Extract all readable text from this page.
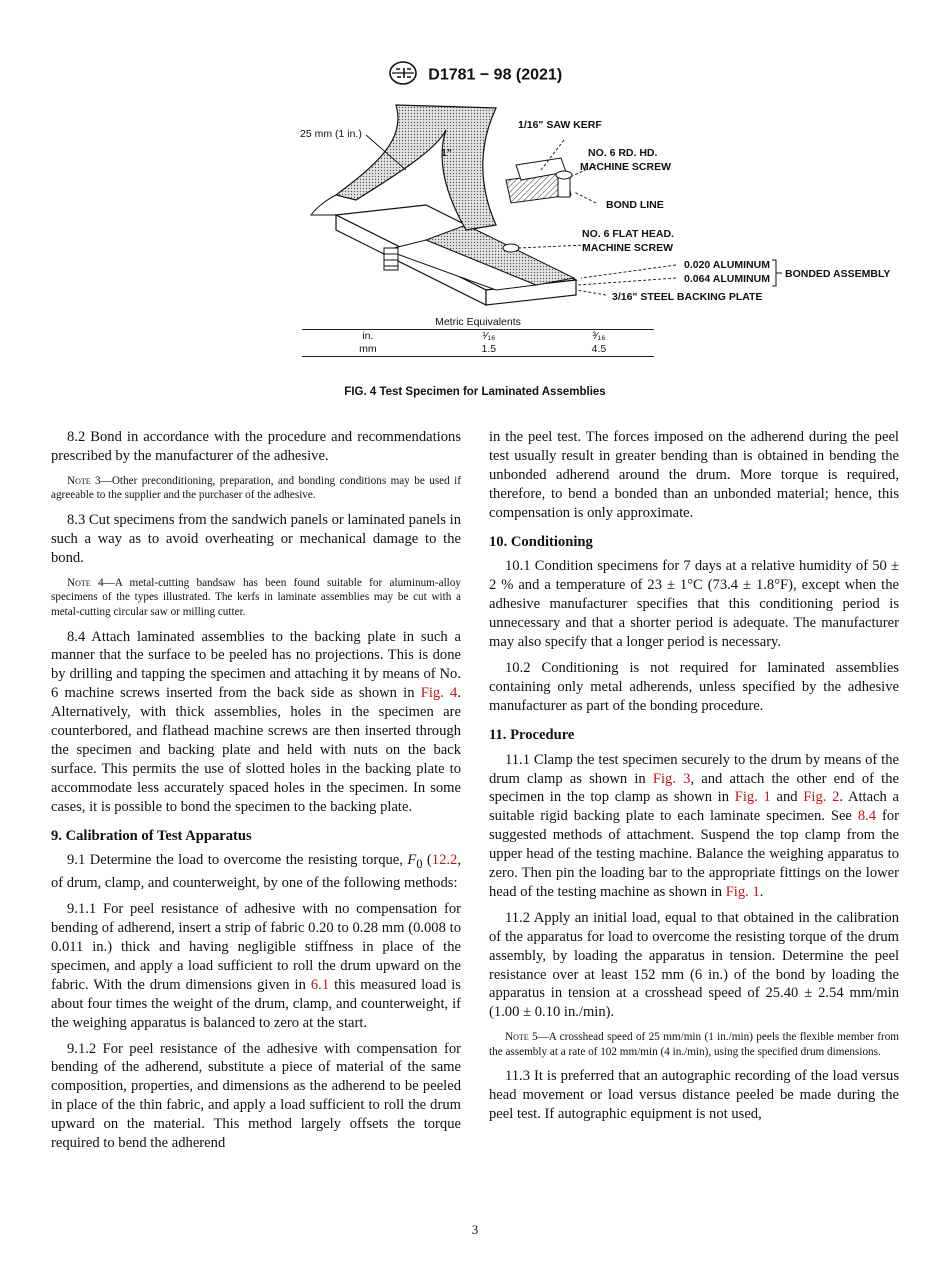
D1781 − 98 (2021)
25 mm (1 in.)
1"
1/16" SAW KERF
NO. 6 RD. HD.
MACHINE SCREW
BOND LINE
NO. 6 FLAT HEAD.
MACHINE SCREW
0.020 ALUMINUM
0.064 ALUMINUM BONDED ASSEMBLY
3/16" STEEL BACKING PLATE
Metric Equivalents		
in.	¹⁄₁₆	³⁄₁₆
mm	1.5	4.5
FIG. 4 Test Specimen for Laminated Assemblies

8.2 Bond in accordance with the procedure and recommendations prescribed by the manufacturer of the adhesive.

Note 3—Other preconditioning, preparation, and bonding conditions may be used if agreeable to the supplier and the purchaser of the adhesive.

8.3 Cut specimens from the sandwich panels or laminated panels in such a way as to avoid overheating or mechanical damage to the bond.

Note 4—A metal-cutting bandsaw has been found suitable for aluminum-alloy specimens of the types illustrated. The kerfs in laminate assemblies may be cut with a metal-cutting circular saw or milling cutter.

8.4 Attach laminated assemblies to the backing plate in such a manner that the surface to be peeled has no projections. This is done by drilling and tapping the specimen and attaching it by means of No. 6 machine screws inserted from the back side as shown in Fig. 4. Alternatively, with thick assemblies, holes in the specimen are counterbored, and flathead machine screws are then inserted through the specimen and backing plate and held with nuts on the back surface. This permits the use of slotted holes in the backing plate to accommodate less accurately spaced holes in the specimen. In some cases, it is possible to bond the specimen to the backing plate.

9. Calibration of Test Apparatus

9.1 Determine the load to overcome the resisting torque, $F_0$ (12.2, of drum, clamp, and counterweight, by one of the following methods:

9.1.1 For peel resistance of adhesive with no compensation for bending of adherend, insert a strip of fabric 0.20 to 0.28 mm (0.008 to 0.011 in.) thick and having negligible stiffness in place of the specimen, and apply a load sufficient to roll the drum upward on the fabric. With the drum dimensions given in 6.1 this measured load is about four times the weight of the drum, clamp, and counterweight, if the weighing apparatus is balanced to zero at the start.

9.1.2 For peel resistance of the adhesive with compensation for bending of the adherend, substitute a piece of material of the same composition, properties, and dimensions as the adherend to be peeled in place of the thin fabric, and apply a load sufficient to roll the drum upward on the material. This method largely offsets the torque required to bend the adherend

in the peel test. The forces imposed on the adherend during the peel test usually result in greater bending than is obtained in bending the unbonded adherend around the drum. More torque is required, therefore, to bend a bonded than an unbonded material; hence, this compensation is only approximate.

10. Conditioning

10.1 Condition specimens for 7 days at a relative humidity of 50 ± 2 % and a temperature of 23 ± 1°C (73.4 ± 1.8°F), except when the adhesive manufacturer specifies that this conditioning period is unnecessary and that a shorter period is adequate. The manufacturer may also specify that a longer period is necessary.

10.2 Conditioning is not required for laminated assemblies containing only metal adherends, unless specified by the adhesive manufacturer as part of the bonding procedure.

11. Procedure

11.1 Clamp the test specimen securely to the drum by means of the drum clamp as shown in Fig. 3, and attach the other end of the specimen in the top clamp as shown in Fig. 1 and Fig. 2. Attach a suitable rigid backing plate to each laminate specimen. See 8.4 for suggested methods of attachment. Suspend the top clamp from the upper head of the testing machine. Balance the weighing apparatus to zero. Then pin the loading bar to the appropriate fittings on the lower head of the testing machine as shown in Fig. 1.

11.2 Apply an initial load, equal to that obtained in the calibration of the apparatus for load to overcome the resisting torque of the drum assembly, by loading the apparatus in tension. Determine the peel resistance over at least 152 mm (6 in.) of the bond by loading the apparatus in tension at a crosshead speed of 25.40 ± 2.54 mm/min (1.00 ± 0.10 in./min).

Note 5—A crosshead speed of 25 mm/min (1 in./min) peels the flexible member from the assembly at a rate of 102 mm/min (4 in./min), using the specified drum dimensions.

11.3 It is preferred that an autographic recording of the load versus head movement or load versus distance peeled be made during the peel test. If autographic equipment is not used,

3
